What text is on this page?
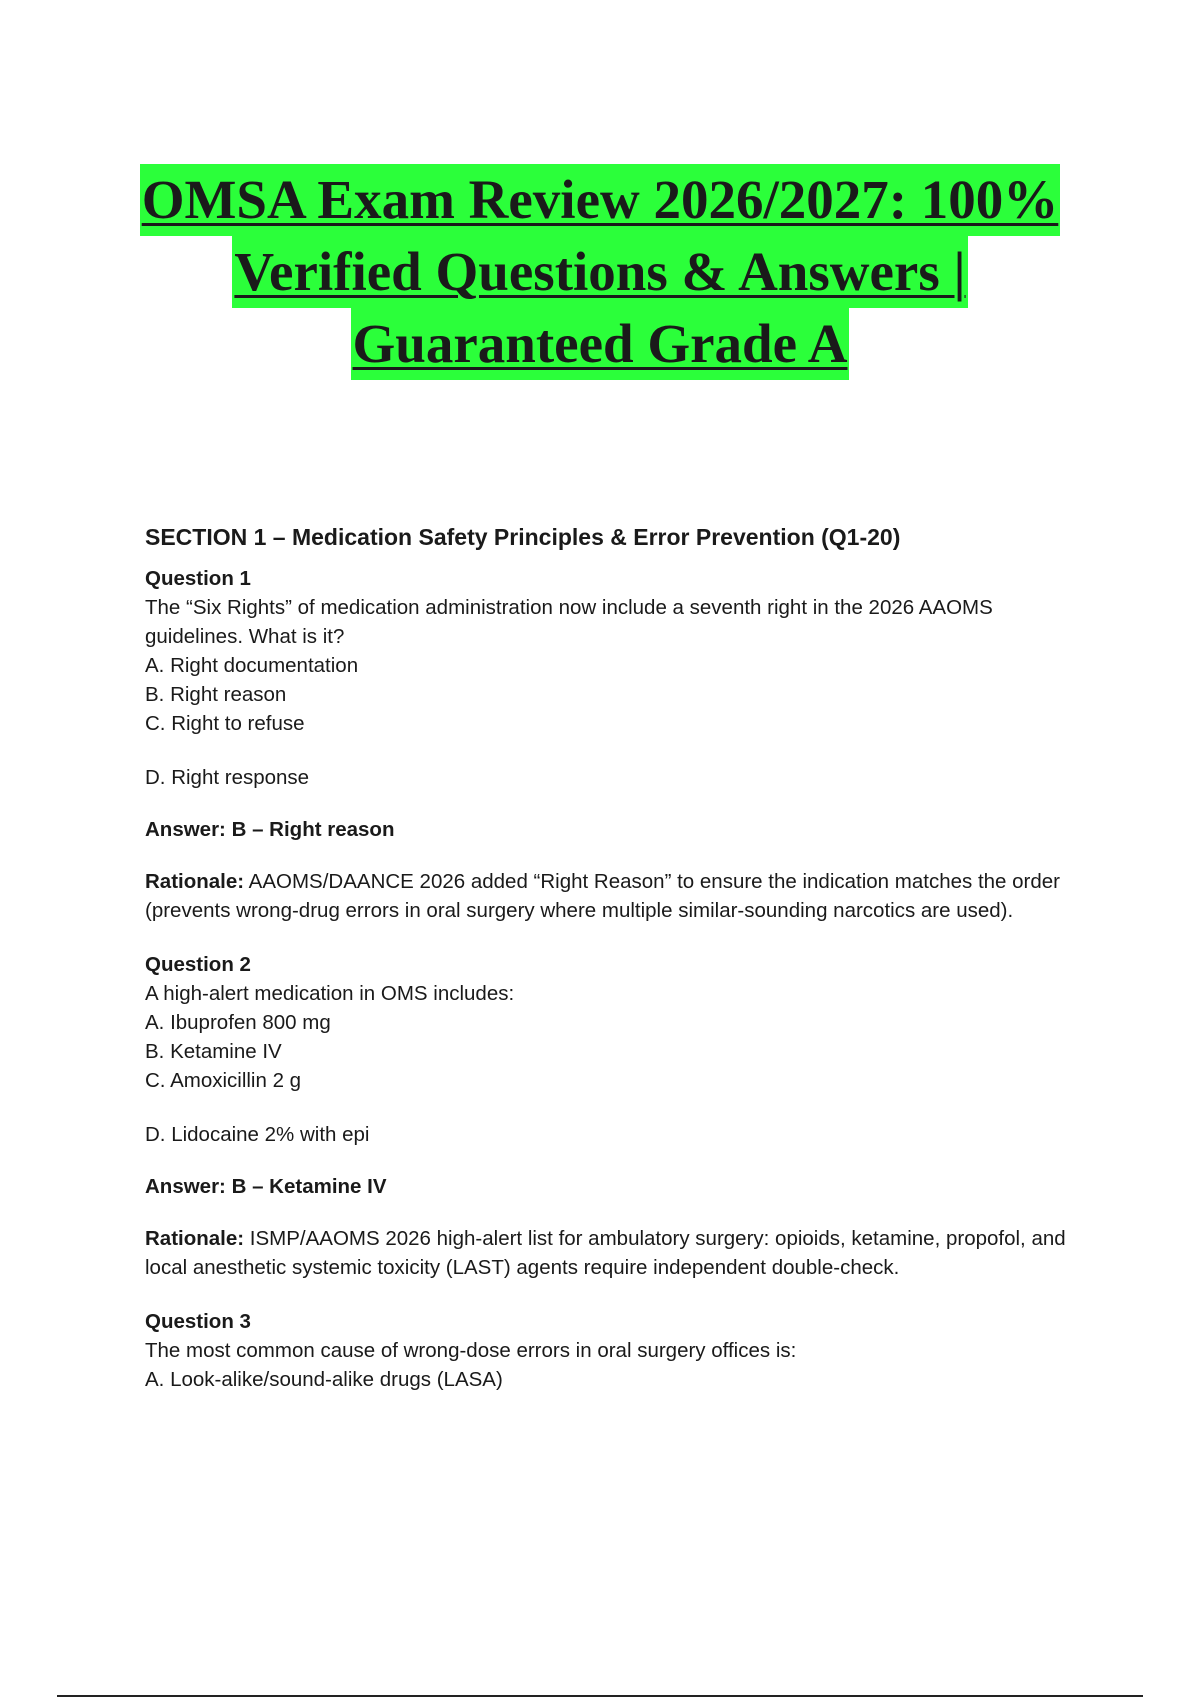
OMSA Exam Review 2026/2027: 100%
Verified Questions & Answers |
Guaranteed Grade A

SECTION 1 – Medication Safety Principles & Error Prevention (Q1-20)

Question 1

The “Six Rights” of medication administration now include a seventh right in the 2026 AAOMS guidelines. What is it?

A. Right documentation

B. Right reason

C. Right to refuse

D. Right response

Answer: B – Right reason

Rationale: AAOMS/DAANCE 2026 added “Right Reason” to ensure the indication matches the order (prevents wrong-drug errors in oral surgery where multiple similar-sounding narcotics are used).

Question 2

A high-alert medication in OMS includes:

A. Ibuprofen 800 mg

B. Ketamine IV

C. Amoxicillin 2 g

D. Lidocaine 2% with epi

Answer: B – Ketamine IV

Rationale: ISMP/AAOMS 2026 high-alert list for ambulatory surgery: opioids, ketamine, propofol, and local anesthetic systemic toxicity (LAST) agents require independent double-check.

Question 3

The most common cause of wrong-dose errors in oral surgery offices is:

A. Look-alike/sound-alike drugs (LASA)
